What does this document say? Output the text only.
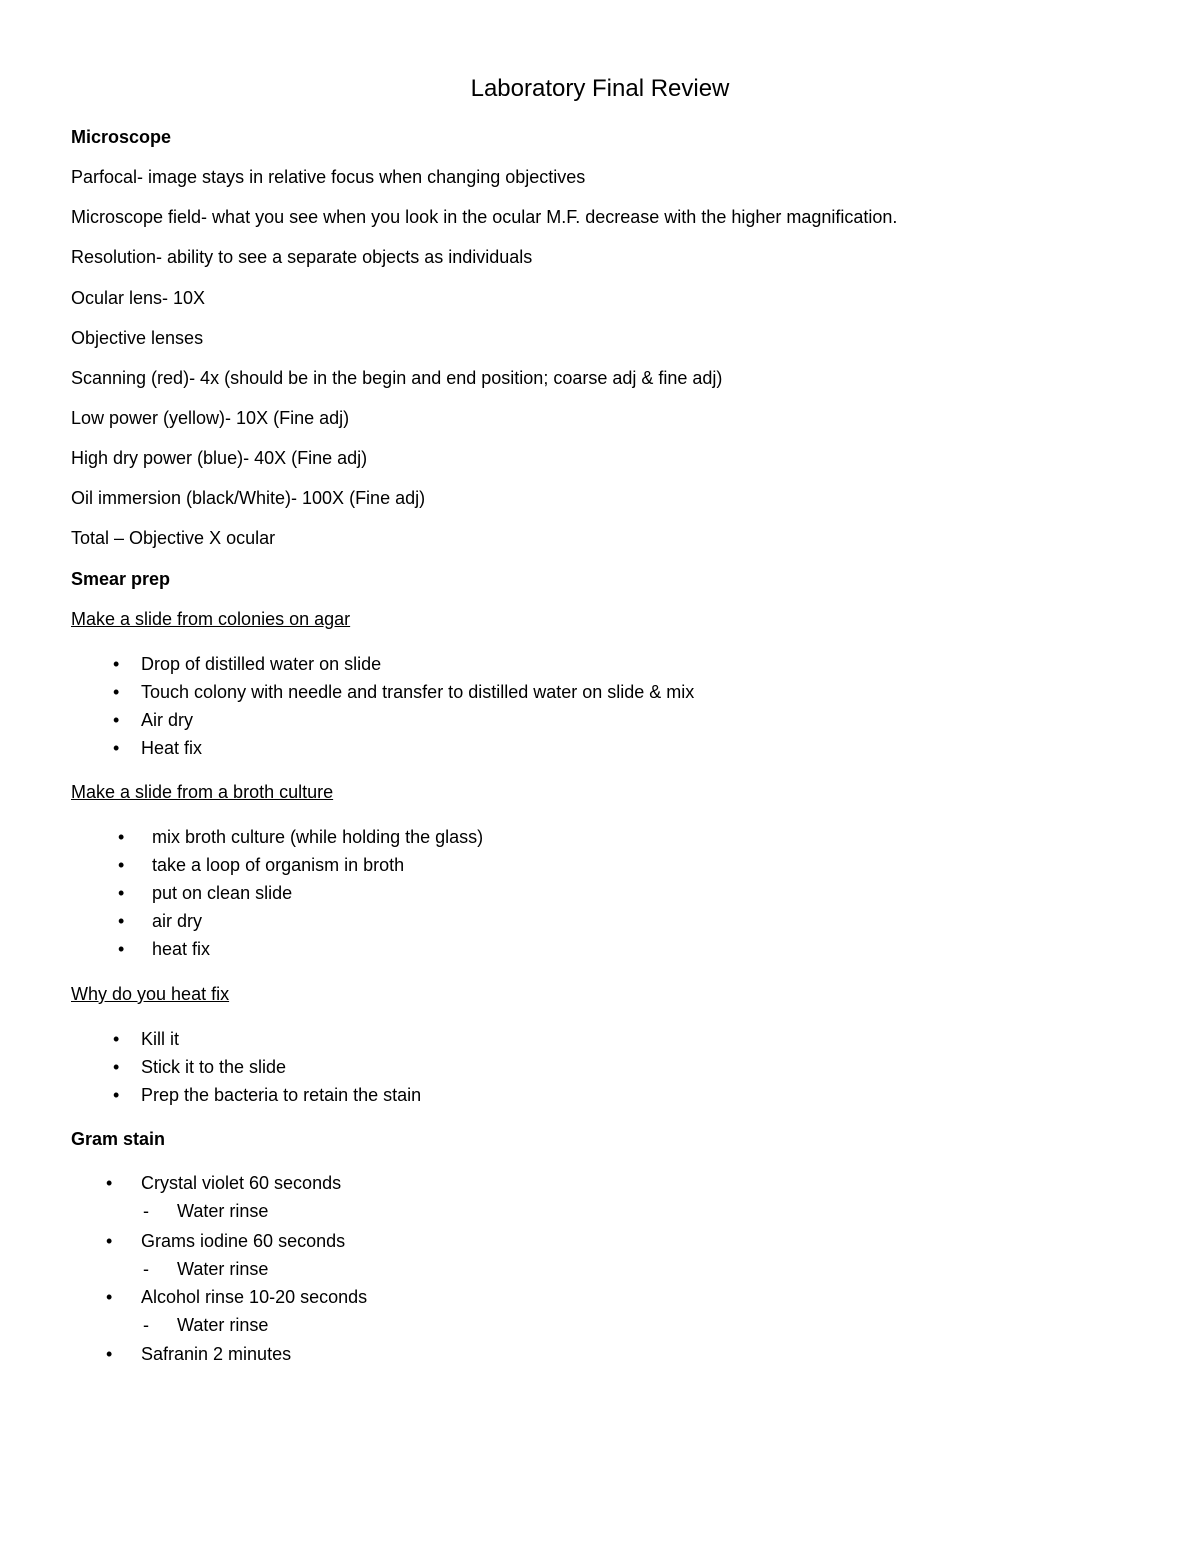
Laboratory Final Review
Microscope
Parfocal- image stays in relative focus when changing objectives
Microscope field- what you see when you look in the ocular M.F. decrease with the higher magnification.
Resolution- ability to see a separate objects as individuals
Ocular lens- 10X
Objective lenses
Scanning (red)- 4x (should be in the begin and end position; coarse adj & fine adj)
Low power (yellow)- 10X (Fine adj)
High dry power (blue)- 40X (Fine adj)
Oil immersion (black/White)- 100X (Fine adj)
Total – Objective X ocular
Smear prep
Make a slide from colonies on agar
• Drop of distilled water on slide
• Touch colony with needle and transfer to distilled water on slide & mix
• Air dry
• Heat fix
Make a slide from a broth culture
• mix broth culture (while holding the glass)
• take a loop of organism in broth
• put on clean slide
• air dry
• heat fix
Why do you heat fix
• Kill it
• Stick it to the slide
• Prep the bacteria to retain the stain
Gram stain
• Crystal violet 60 seconds
- Water rinse
• Grams iodine 60 seconds
- Water rinse
• Alcohol rinse 10-20 seconds
- Water rinse
• Safranin 2 minutes
